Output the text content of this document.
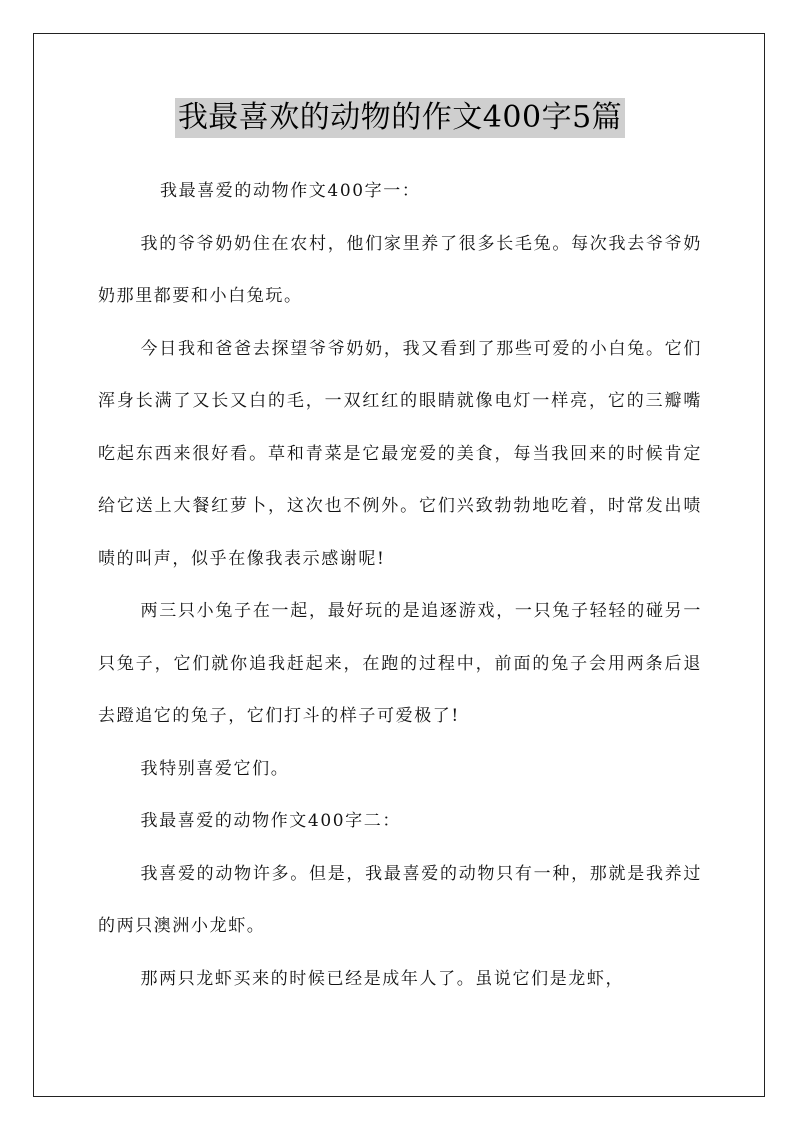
我最喜欢的动物的作文400字5篇

我最喜爱的动物作文400字一：

我的爷爷奶奶住在农村，他们家里养了很多长毛兔。每次我去爷爷奶奶那里都要和小白兔玩。

今日我和爸爸去探望爷爷奶奶，我又看到了那些可爱的小白兔。它们浑身长满了又长又白的毛，一双红红的眼睛就像电灯一样亮，它的三瓣嘴吃起东西来很好看。草和青菜是它最宠爱的美食，每当我回来的时候肯定给它送上大餐红萝卜，这次也不例外。它们兴致勃勃地吃着，时常发出啧啧的叫声，似乎在像我表示感谢呢!

两三只小兔子在一起，最好玩的是追逐游戏，一只兔子轻轻的碰另一只兔子，它们就你追我赶起来，在跑的过程中，前面的兔子会用两条后退去蹬追它的兔子，它们打斗的样子可爱极了!

我特别喜爱它们。

我最喜爱的动物作文400字二：

我喜爱的动物许多。但是，我最喜爱的动物只有一种，那就是我养过的两只澳洲小龙虾。

那两只龙虾买来的时候已经是成年人了。虽说它们是龙虾，
